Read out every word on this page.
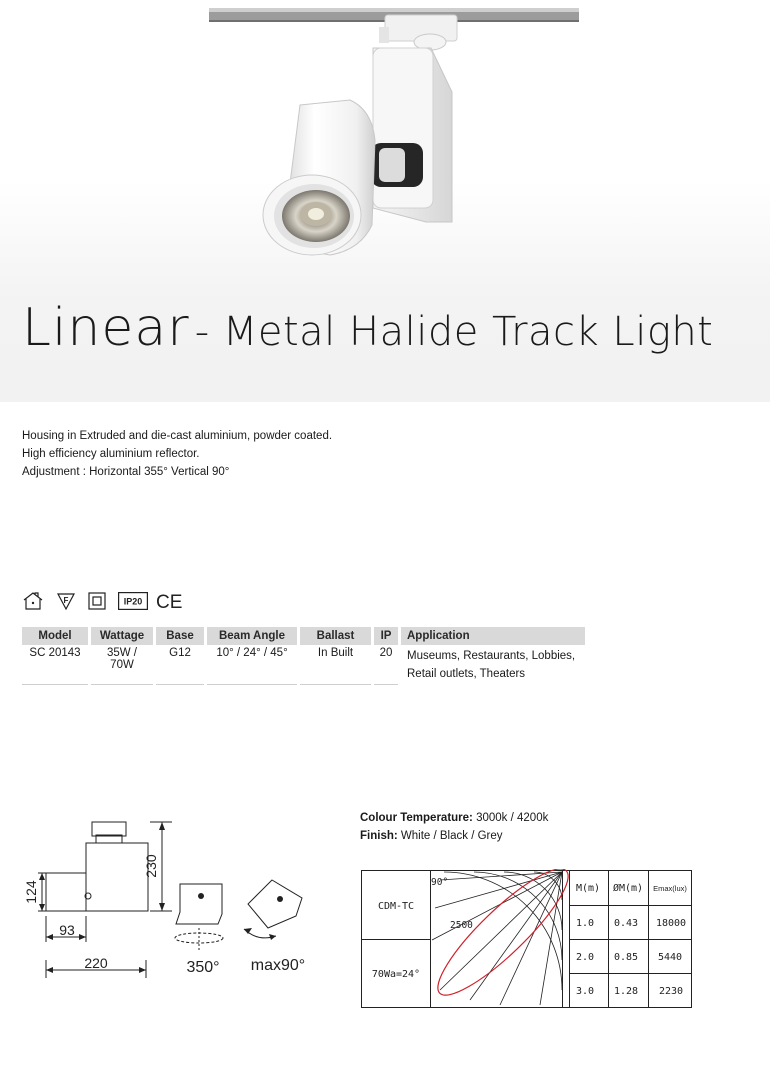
Linear - Metal Halide Track Light
Housing in Extruded and die-cast aluminium, powder coated.
High efficiency aluminium reflector.
Adjustment : Horizontal 355° Vertical 90°
F	IP20 CE
Model	Wattage	Base	Beam Angle	Ballast	IP	Application
SC 20143	35W / 70W	G12	10° / 24° / 45°	In Built	20	Museums, Restaurants, Lobbies,
Retail outlets, Theaters
230
124
93
220	350° max90°
Colour Temperature: 3000k / 4200k
Finish: White / Black / Grey
CDM-TC
70Wa=24°
90°
2500
M(m) ØM(m) Emax(lux)
1.0 0.43 18000
2.0 0.85 5440
3.0 1.28 2230
